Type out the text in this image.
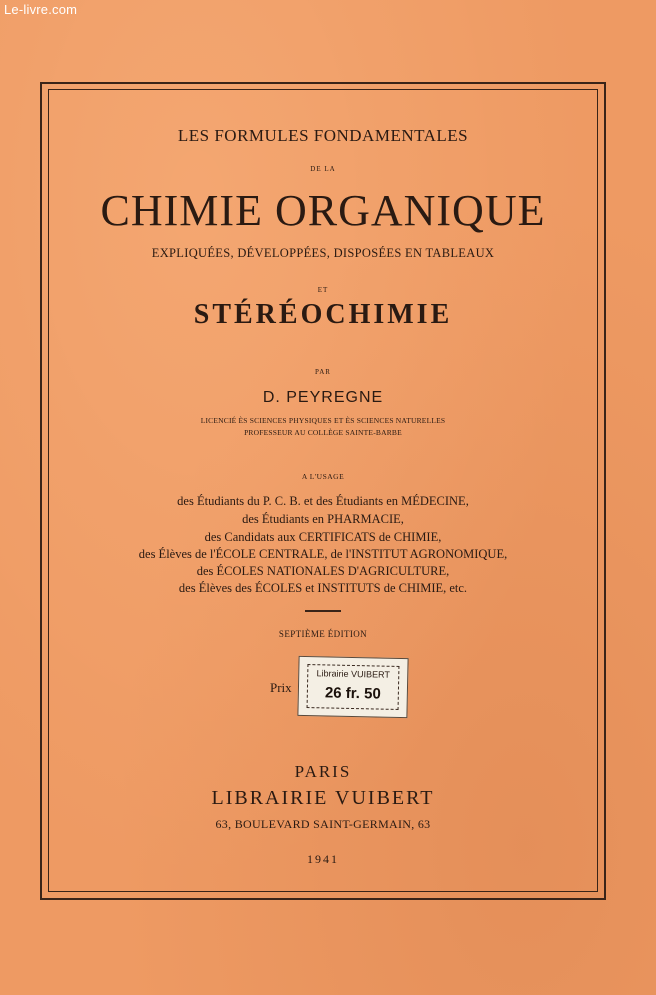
Le-livre.com
LES FORMULES FONDAMENTALES
DE LA
CHIMIE ORGANIQUE
EXPLIQUÉES, DÉVELOPPÉES, DISPOSÉES EN TABLEAUX
ET
STÉRÉOCHIMIE
PAR
D. PEYREGNE
LICENCIÉ ÈS SCIENCES PHYSIQUES ET ÈS SCIENCES NATURELLES
PROFESSEUR AU COLLÈGE SAINTE-BARBE
A L'USAGE
des Étudiants du P. C. B. et des Étudiants en MÉDECINE,
des Étudiants en PHARMACIE,
des Candidats aux CERTIFICATS de CHIMIE,
des Élèves de l'ÉCOLE CENTRALE, de l'INSTITUT AGRONOMIQUE,
des ÉCOLES NATIONALES D'AGRICULTURE,
des Élèves des ÉCOLES et INSTITUTS de CHIMIE, etc.
SEPTIÈME ÉDITION
Prix
Librairie VUIBERT
26 fr. 50
PARIS
LIBRAIRIE VUIBERT
63, BOULEVARD SAINT-GERMAIN, 63
1941
